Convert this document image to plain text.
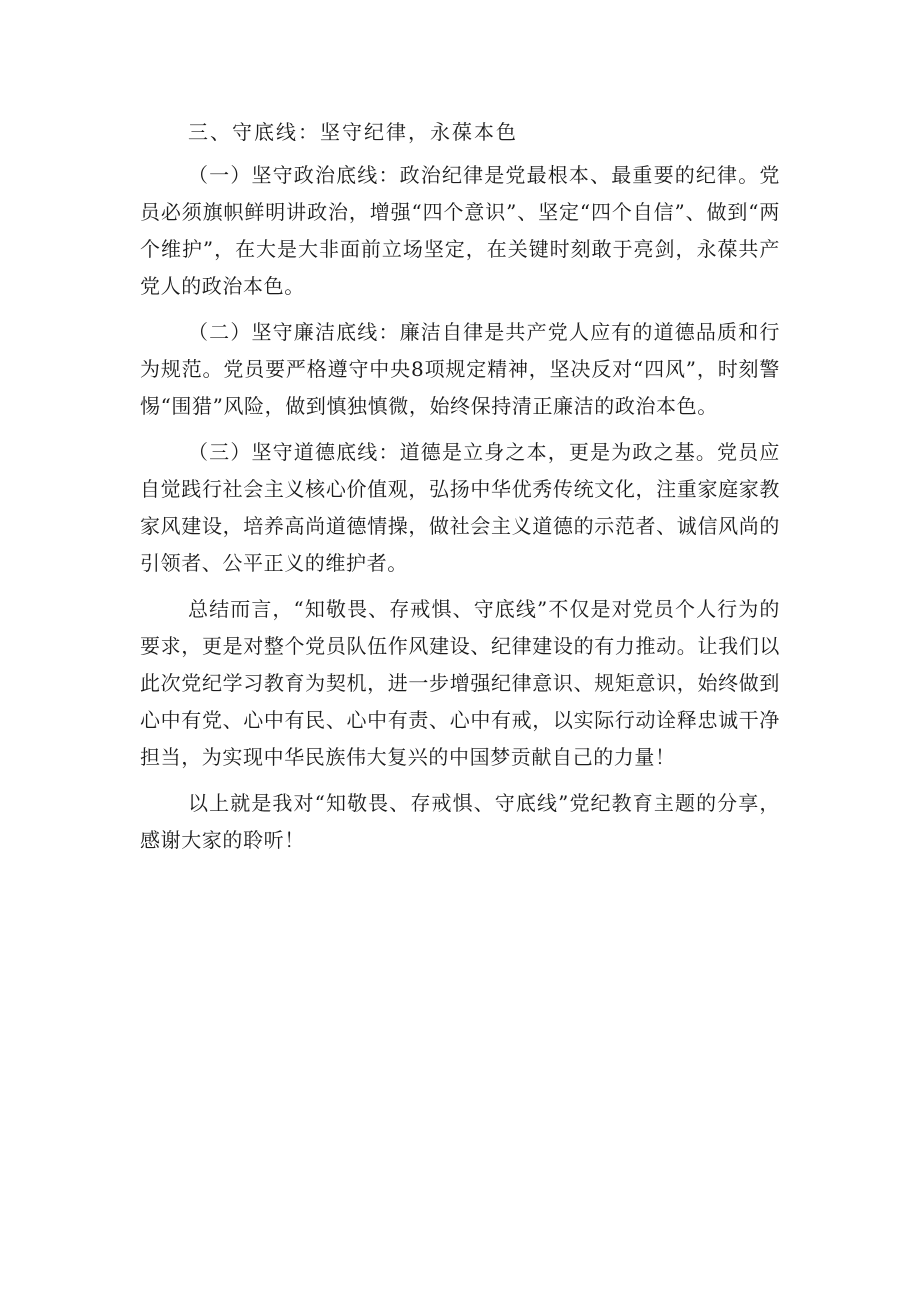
三、守底线：坚守纪律，永葆本色

（一）坚守政治底线：政治纪律是党最根本、最重要的纪律。党员必须旗帜鲜明讲政治，增强“四个意识”、坚定“四个自信”、做到“两个维护”，在大是大非面前立场坚定，在关键时刻敢于亮剑，永葆共产党人的政治本色。

（二）坚守廉洁底线：廉洁自律是共产党人应有的道德品质和行为规范。党员要严格遵守中央8项规定精神，坚决反对“四风”，时刻警惕“围猎”风险，做到慎独慎微，始终保持清正廉洁的政治本色。

（三）坚守道德底线：道德是立身之本，更是为政之基。党员应自觉践行社会主义核心价值观，弘扬中华优秀传统文化，注重家庭家教家风建设，培养高尚道德情操，做社会主义道德的示范者、诚信风尚的引领者、公平正义的维护者。

总结而言，“知敬畏、存戒惧、守底线”不仅是对党员个人行为的要求，更是对整个党员队伍作风建设、纪律建设的有力推动。让我们以此次党纪学习教育为契机，进一步增强纪律意识、规矩意识，始终做到心中有党、心中有民、心中有责、心中有戒，以实际行动诠释忠诚干净担当，为实现中华民族伟大复兴的中国梦贡献自己的力量！

以上就是我对“知敬畏、存戒惧、守底线”党纪教育主题的分享，感谢大家的聆听！
